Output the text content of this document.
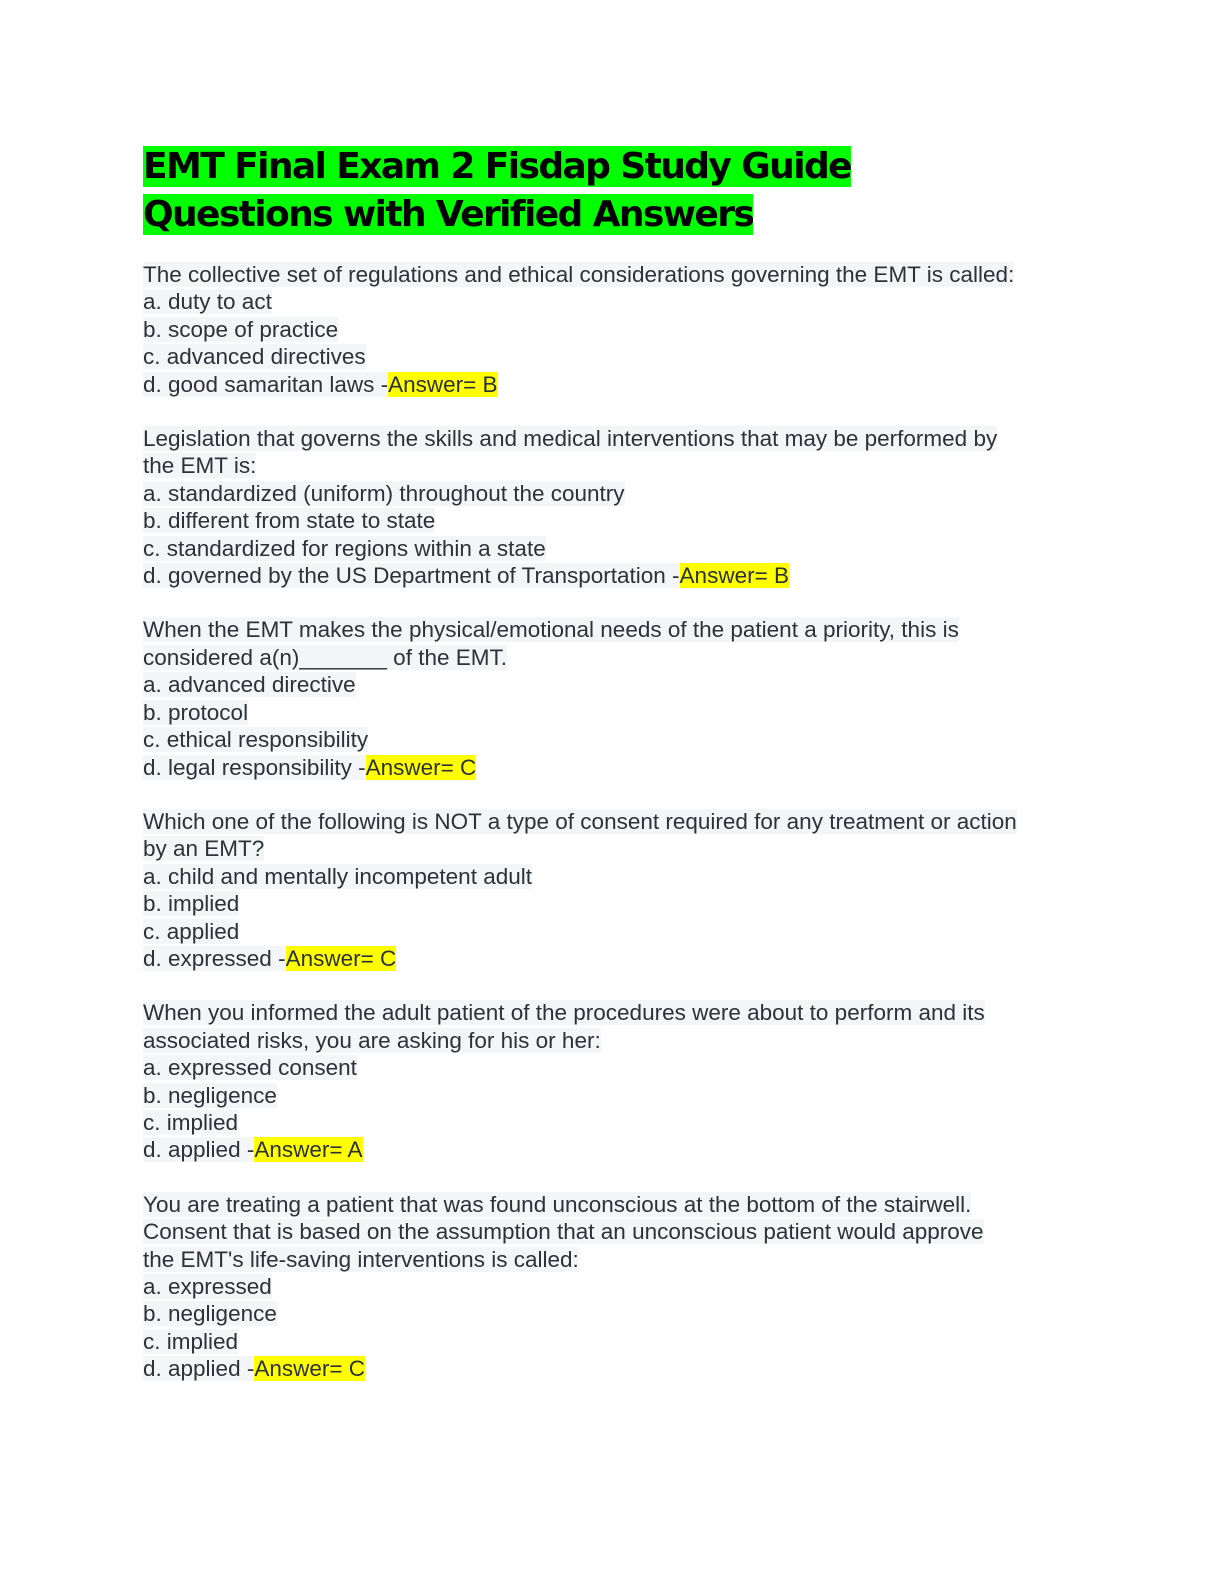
EMT Final Exam 2 Fisdap Study Guide Questions with Verified Answers
The collective set of regulations and ethical considerations governing the EMT is called:
a. duty to act
b. scope of practice
c. advanced directives
d. good samaritan laws -Answer= B
Legislation that governs the skills and medical interventions that may be performed by
the EMT is:
a. standardized (uniform) throughout the country
b. different from state to state
c. standardized for regions within a state
d. governed by the US Department of Transportation -Answer= B
When the EMT makes the physical/emotional needs of the patient a priority, this is
considered a(n)_______ of the EMT.
a. advanced directive
b. protocol
c. ethical responsibility
d. legal responsibility -Answer= C
Which one of the following is NOT a type of consent required for any treatment or action
by an EMT?
a. child and mentally incompetent adult
b. implied
c. applied
d. expressed -Answer= C
When you informed the adult patient of the procedures were about to perform and its
associated risks, you are asking for his or her:
a. expressed consent
b. negligence
c. implied
d. applied -Answer= A
You are treating a patient that was found unconscious at the bottom of the stairwell.
Consent that is based on the assumption that an unconscious patient would approve
the EMT's life-saving interventions is called:
a. expressed
b. negligence
c. implied
d. applied -Answer= C
